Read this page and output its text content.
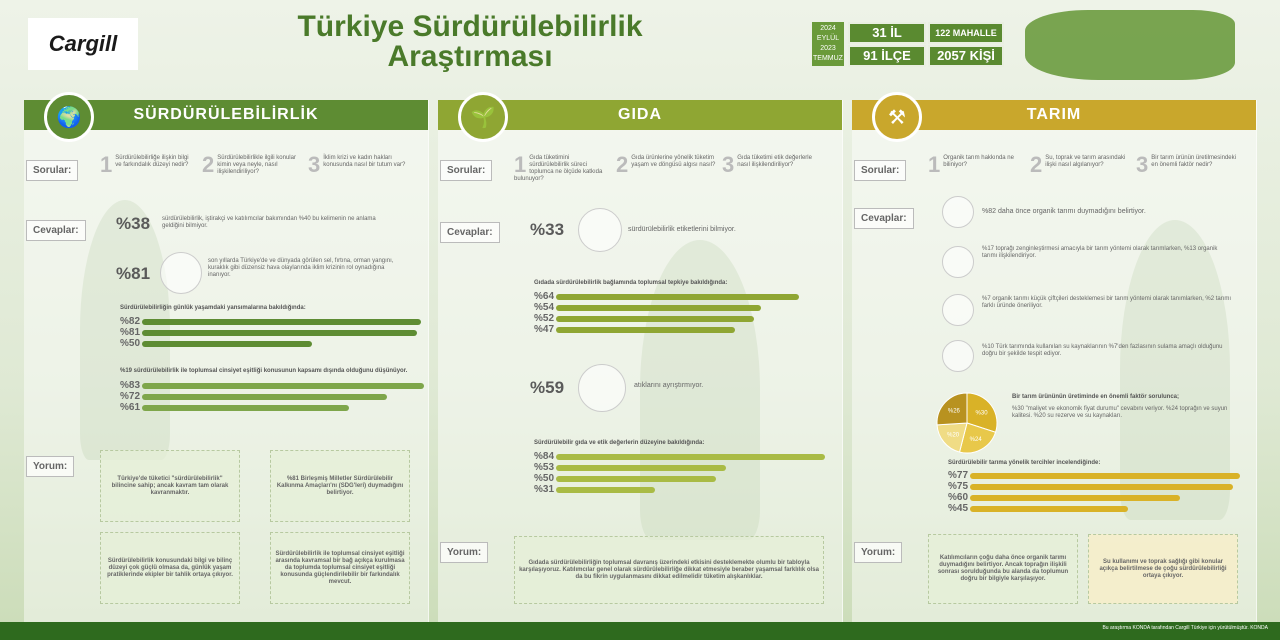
Cargill
Türkiye Sürdürülebilirlik
Araştırması
2024
EYLÜL
2023
TEMMUZ
31 İL
91 İLÇE
122 MAHALLE
2057 KİŞİ
SÜRDÜRÜLEBİLİRLİK
🌍
Sorular:	1 Sürdürülebilirliğe ilişkin bilgi ve farkındalık düzeyi nedir? 2 Sürdürülebilirlikle ilgili konular kimin veya neyle, nasıl ilişkilendiriliyor?	3 İklim krizi ve kadın hakları konusunda nasıl bir tutum var?
Cevaplar:	%38 sürdürülebilirlik, iştirakçi ve katılımcılar bakımından %40 bu kelimenin ne anlama geldiğini bilmiyor.
%81
son yıllarda Türkiye'de ve dünyada görülen sel, fırtına, orman yangını, kuraklık gibi düzensiz hava olaylarında iklim krizinin rol oynadığına inanıyor.
Sürdürülebilirliğin günlük yaşamdaki yansımalarına bakıldığında:
%19 sürdürülebilirlik ile toplumsal cinsiyet eşitliği konusunun kapsamı dışında olduğunu düşünüyor.
Yorum:
Türkiye'de tüketici "sürdürülebilirlik" bilincine sahip; ancak kavram tam olarak kavranmaktır.
%81 Birleşmiş Milletler Sürdürülebilir Kalkınma Amaçları'nı (SDG'leri) duymadığını belirtiyor.
Sürdürülebilirlik konusundaki bilgi ve bilinç düzeyi çok güçlü olmasa da, günlük yaşam pratiklerinde ekipler bir tahlik ortaya çıkıyor.
Sürdürülebilirlik ile toplumsal cinsiyet eşitliği arasında kavramsal bir bağ açıkça kurulmasa da toplumda toplumsal cinsiyet eşitliği konusunda güçlendirilebilir bir farkındalık mevcut.
%82
%81
%50
%83
%72
%61
GIDA
🌱
Sorular:	1 Gıda tüketimini sürdürülebilirlik süreci toplumca ne ölçüde katkıda bulunuyor?
2 Gıda ürünlerine yönelik tüketim yaşam ve döngüsü algısı nasıl? 3 Gıda tüketimi etik değerlerle nasıl ilişkilendiriliyor?
Cevaplar:	%33	sürdürülebilirlik etiketlerini bilmiyor.
Gıdada sürdürülebilirlik bağlamında toplumsal tepkiye bakıldığında:
%59	atıklarını ayrıştırmıyor.
Sürdürülebilir gıda ve etik değerlerin düzeyine bakıldığında:
Yorum:
Gıdada sürdürülebilirliğin toplumsal davranış üzerindeki etkisini desteklemekte olumlu bir tabloyla karşılaşıyoruz. Katılımcılar genel olarak sürdürülebilirliğe dikkat etmesiyle beraber yaşamsal farklılık olsa da bu fikrin uygulanmasını dikkat edilmelidir tüketim alışkanlıklar.
%64
%54
%52
%47
%84
%53
%50
%31
TARIM
⚒
Sorular:	1 Organik tarım hakkında ne biliniyor?	2 Su, toprak ve tarım arasındaki ilişki nasıl algılanıyor?	3 Bir tarım ürünün üretilmesindeki en önemli faktör nedir?
Cevaplar:
%82 daha önce organik tarımı duymadığını belirtiyor.
%17 toprağı zenginleştirmesi amacıyla bir tarım yöntemi olarak tarımlarken, %13 organik tarımı ilişkilendiriyor.
%7 organik tarımı küçük çiftçileri desteklemesi bir tarım yöntemi olarak tanımlarken, %2 tarımı farklı üründe öneriliyor.
%10 Türk tarımında kullanılan su kaynaklarının %7'den fazlasının sulama amaçlı olduğunu doğru bir şekilde tespit ediyor.
%30
%24
%20
%26
Bir tarım ürününün üretiminde en önemli faktör sorulunca;
%30 "maliyet ve ekonomik fiyat durumu" cevabını veriyor. %24 toprağın ve suyun kalitesi. %20 su rezerve ve su kaynakları.
Sürdürülebilir tarıma yönelik tercihler incelendiğinde:
Yorum:	Katılımcıların çoğu daha önce organik tarımı duymadığını belirtiyor. Ancak toprağın ilişkili sonrası sorulduğunda bu alanda da toplumun doğru bir bilgiyle karşılaşıyor.
Su kullanımı ve toprak sağlığı gibi konular açıkça belirtilmese de çoğu sürdürülebilirliği ortaya çıkıyor.
%77
%75
%60
%45
Bu araştırma KONDA tarafından Cargill Türkiye için yürütülmüştür. KONDA
